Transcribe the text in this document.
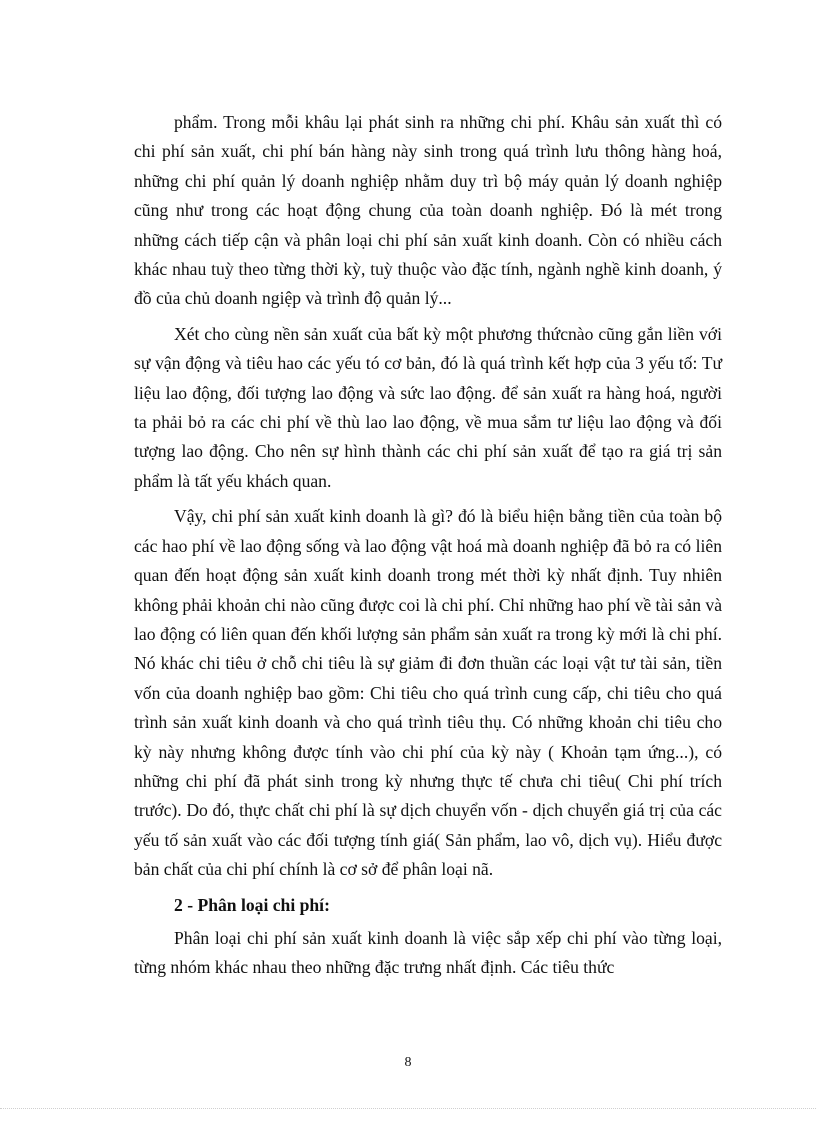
phẩm. Trong mỗi khâu lại phát sinh ra những chi phí. Khâu sản xuất thì có chi phí sản xuất, chi phí bán hàng này sinh trong quá trình lưu thông hàng hoá, những chi phí quản lý doanh nghiệp nhằm duy trì bộ máy quản lý doanh nghiệp cũng như trong các hoạt động chung của toàn doanh nghiệp. Đó là mét trong những cách tiếp cận và phân loại chi phí sản xuất kinh doanh. Còn có nhiều cách khác nhau tuỳ theo từng thời kỳ, tuỳ thuộc vào đặc tính, ngành nghề kinh doanh, ý đồ của chủ doanh ngiệp và trình độ quản lý...

Xét cho cùng nền sản xuất của bất kỳ một phương thứcnào cũng gắn liền với sự vận động và tiêu hao các yếu tó cơ bản, đó là quá trình kết hợp của 3 yếu tố: Tư liệu lao động, đối tượng lao động và sức lao động. để sản xuất ra hàng hoá, người ta phải bỏ ra các chi phí về thù lao lao động, về mua sắm tư liệu lao động và đối tượng lao động. Cho nên sự hình thành các chi phí sản xuất để tạo ra giá trị sản phẩm là tất yếu khách quan.

Vậy, chi phí sản xuất kinh doanh là gì? đó là biểu hiện bằng tiền của toàn bộ các hao phí về lao động sống và lao động vật hoá mà doanh nghiệp đã bỏ ra có liên quan đến hoạt động sản xuất kinh doanh trong mét thời kỳ nhất định. Tuy nhiên không phải khoản chi nào cũng được coi là chi phí. Chỉ những hao phí về tài sản và lao động có liên quan đến khối lượng sản phẩm sản xuất ra trong kỳ mới là chi phí. Nó khác chi tiêu ở chỗ chi tiêu là sự giảm đi đơn thuần các loại vật tư tài sản, tiền vốn của doanh nghiệp bao gồm: Chi tiêu cho quá trình cung cấp, chi tiêu cho quá trình sản xuất kinh doanh và cho quá trình tiêu thụ. Có những khoản chi tiêu cho kỳ này nhưng không được tính vào chi phí của kỳ này ( Khoản tạm ứng...), có những chi phí đã phát sinh trong kỳ nhưng thực tế chưa chi tiêu( Chi phí trích trước). Do đó, thực chất chi phí là sự dịch chuyển vốn - dịch chuyển giá trị của các yếu tố sản xuất vào các đối tượng tính giá( Sản phẩm, lao vô, dịch vụ). Hiểu được bản chất của chi phí chính là cơ sở để phân loại nã.

2 - Phân loại chi phí:

Phân loại chi phí sản xuất kinh doanh là việc sắp xếp chi phí vào từng loại, từng nhóm khác nhau theo những đặc trưng nhất định. Các tiêu thức

8
